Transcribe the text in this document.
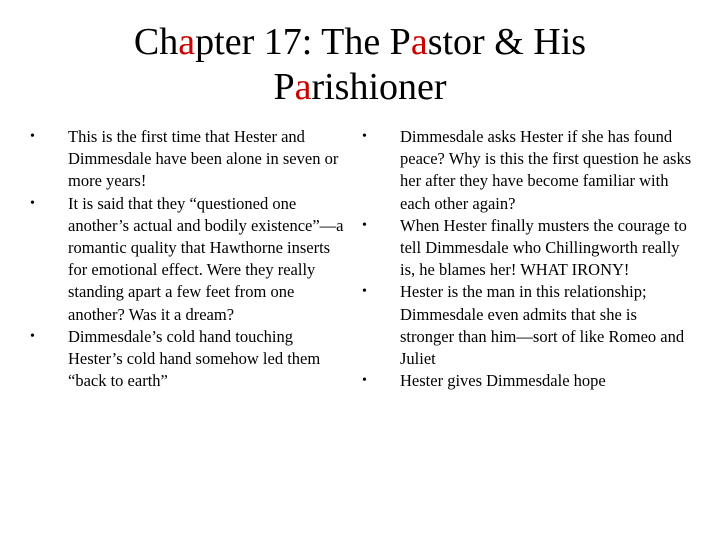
Chapter 17: The Pastor & His
Parishioner
•	This is the first time that Hester and Dimmesdale have been alone in seven or more years!
•	It is said that they “questioned one another’s actual and bodily existence”—a romantic quality that Hawthorne inserts for emotional effect. Were they really standing apart a few feet from one another? Was it a dream?
•	Dimmesdale’s cold hand touching Hester’s cold hand somehow led them “back to earth”
•	Dimmesdale asks Hester if she has found peace? Why is this the first question he asks her after they have become familiar with each other again?
•	When Hester finally musters the courage to tell Dimmesdale who Chillingworth really is, he blames her! WHAT IRONY!
•	Hester is the man in this relationship; Dimmesdale even admits that she is stronger than him—sort of like Romeo and Juliet
•	Hester gives Dimmesdale hope
